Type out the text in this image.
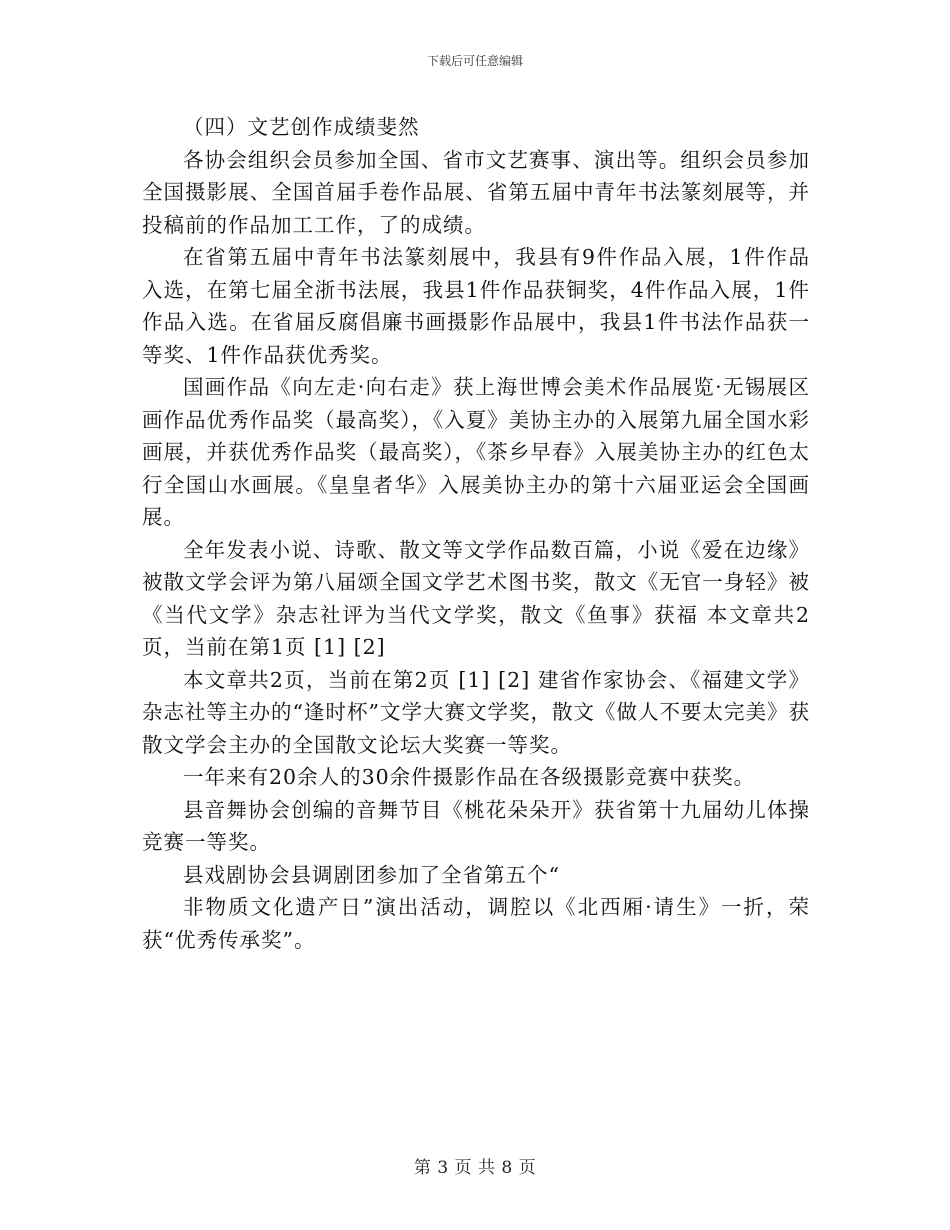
下载后可任意编辑

（四）文艺创作成绩斐然

各协会组织会员参加全国、省市文艺赛事、演出等。组织会员参加全国摄影展、全国首届手卷作品展、省第五届中青年书法篆刻展等，并投稿前的作品加工工作，了的成绩。

在省第五届中青年书法篆刻展中，我县有9件作品入展，1件作品入选，在第七届全浙书法展，我县1件作品获铜奖，4件作品入展，1件作品入选。在省届反腐倡廉书画摄影作品展中，我县1件书法作品获一等奖、1件作品获优秀奖。

国画作品《向左走·向右走》获上海世博会美术作品展览·无锡展区画作品优秀作品奖（最高奖），《入夏》美协主办的入展第九届全国水彩画展，并获优秀作品奖（最高奖），《茶乡早春》入展美协主办的红色太行全国山水画展。《皇皇者华》入展美协主办的第十六届亚运会全国画展。

全年发表小说、诗歌、散文等文学作品数百篇，小说《爱在边缘》被散文学会评为第八届颂全国文学艺术图书奖，散文《无官一身轻》被《当代文学》杂志社评为当代文学奖，散文《鱼事》获福 本文章共2页，当前在第1页 [1] [2]

本文章共2页，当前在第2页 [1] [2] 建省作家协会、《福建文学》杂志社等主办的“逢时杯”文学大赛文学奖，散文《做人不要太完美》获散文学会主办的全国散文论坛大奖赛一等奖。

一年来有20余人的30余件摄影作品在各级摄影竞赛中获奖。

县音舞协会创编的音舞节目《桃花朵朵开》获省第十九届幼儿体操竞赛一等奖。

县戏剧协会县调剧团参加了全省第五个“

非物质文化遗产日”演出活动，调腔以《北西厢·请生》一折，荣获“优秀传承奖”。

第 3 页 共 8 页
